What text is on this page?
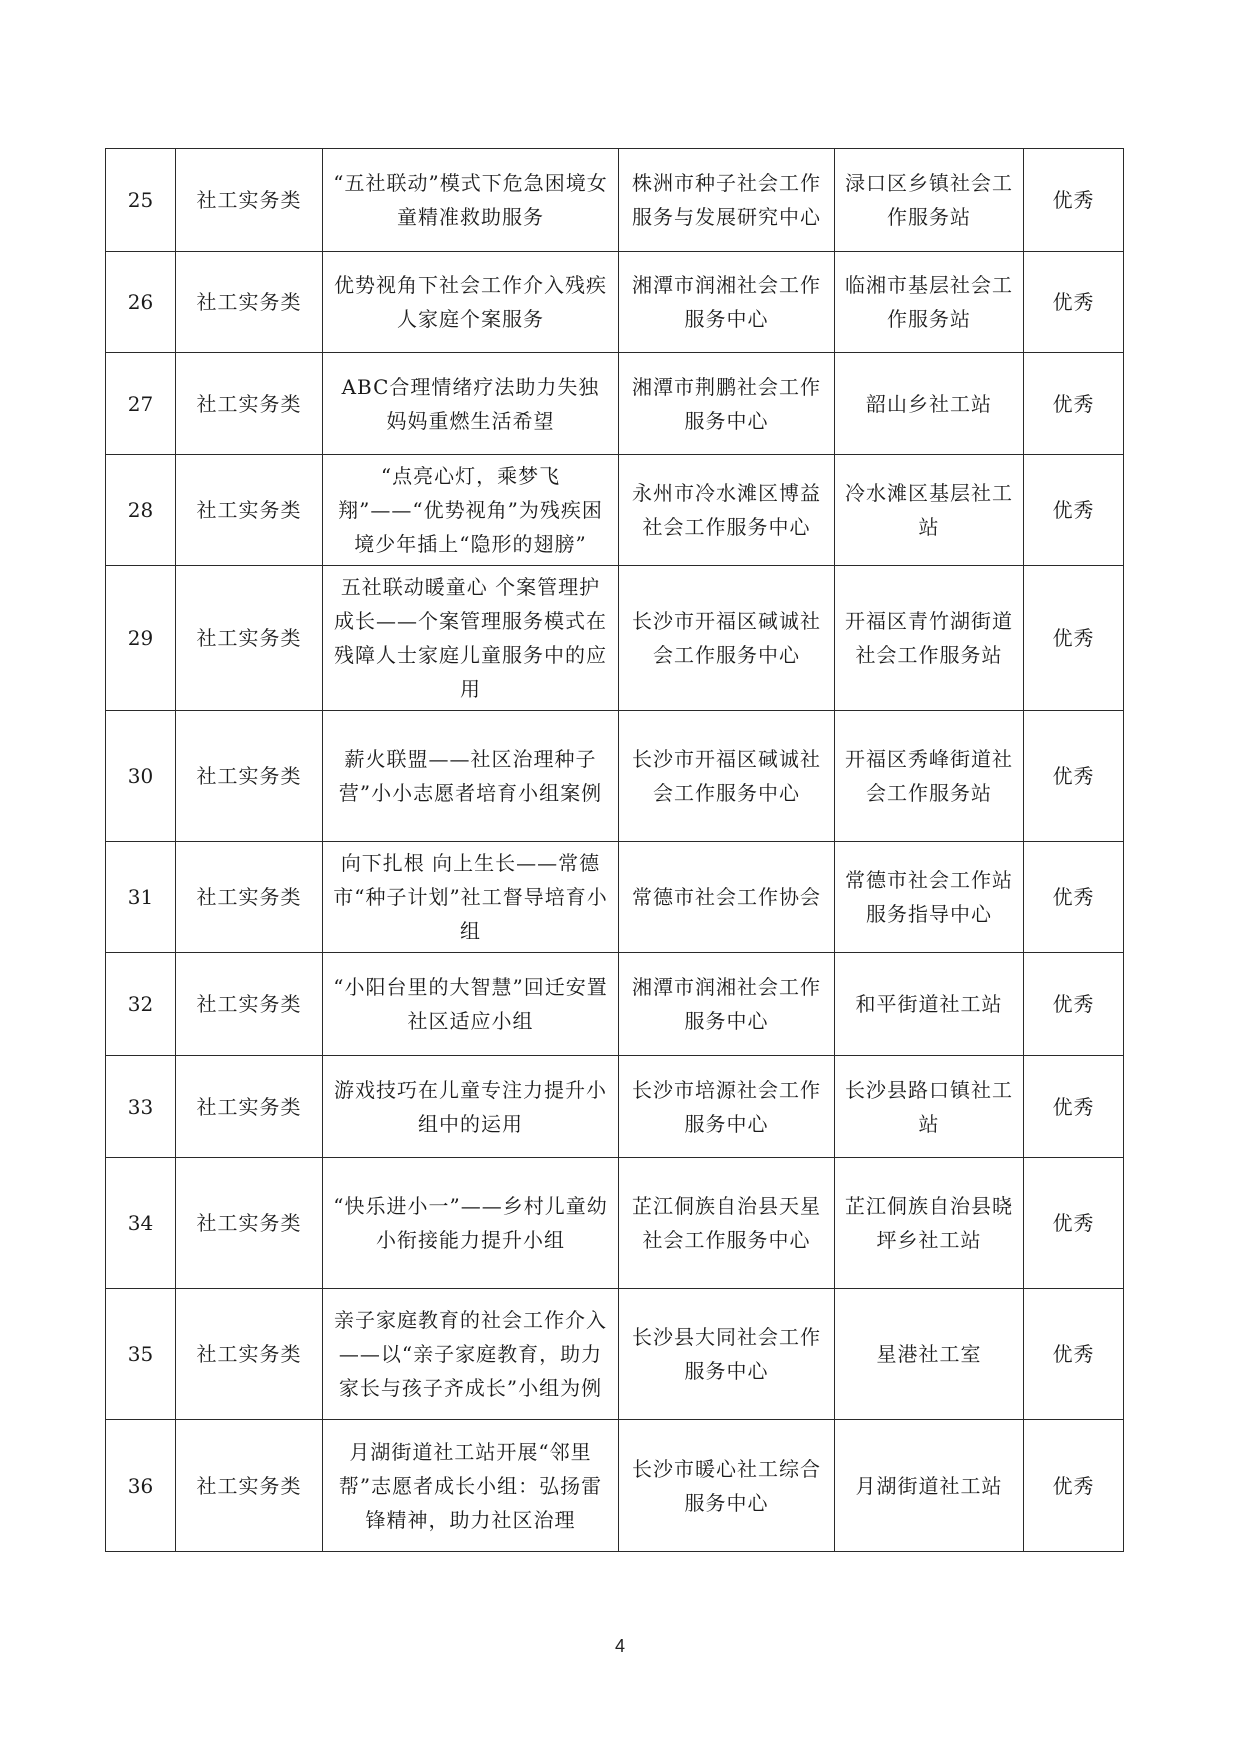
25	社工实务类	“五社联动”模式下危急困境女童精准救助服务	株洲市种子社会工作服务与发展研究中心	渌口区乡镇社会工作服务站	优秀
26	社工实务类	优势视角下社会工作介入残疾人家庭个案服务	湘潭市润湘社会工作服务中心	临湘市基层社会工作服务站	优秀
27	社工实务类	ABC合理情绪疗法助力失独妈妈重燃生活希望	湘潭市荆鹏社会工作服务中心	韶山乡社工站	优秀
28	社工实务类	“点亮心灯，乘梦飞翔”——“优势视角”为残疾困境少年插上“隐形的翅膀”	永州市冷水滩区博益社会工作服务中心	冷水滩区基层社工站	优秀
29	社工实务类	五社联动暖童心 个案管理护成长——个案管理服务模式在残障人士家庭儿童服务中的应用	长沙市开福区䂸诚社会工作服务中心	开福区青竹湖街道社会工作服务站	优秀
30	社工实务类	薪火联盟——社区治理种子营”小小志愿者培育小组案例	长沙市开福区䂸诚社会工作服务中心	开福区秀峰街道社会工作服务站	优秀
31	社工实务类	向下扎根 向上生长——常德市“种子计划”社工督导培育小组	常德市社会工作协会	常德市社会工作站服务指导中心	优秀
32	社工实务类	“小阳台里的大智慧”回迁安置社区适应小组	湘潭市润湘社会工作服务中心	和平街道社工站	优秀
33	社工实务类	游戏技巧在儿童专注力提升小组中的运用	长沙市培源社会工作服务中心	长沙县路口镇社工站	优秀
34	社工实务类	“快乐进小一”——乡村儿童幼小衔接能力提升小组	芷江侗族自治县天星社会工作服务中心	芷江侗族自治县晓坪乡社工站	优秀
35	社工实务类	亲子家庭教育的社会工作介入 ——以“亲子家庭教育，助力家长与孩子齐成长”小组为例	长沙县大同社会工作服务中心	星港社工室	优秀
36	社工实务类	月湖街道社工站开展“邻里帮”志愿者成长小组：弘扬雷锋精神，助力社区治理	长沙市暖心社工综合服务中心	月湖街道社工站	优秀
4
